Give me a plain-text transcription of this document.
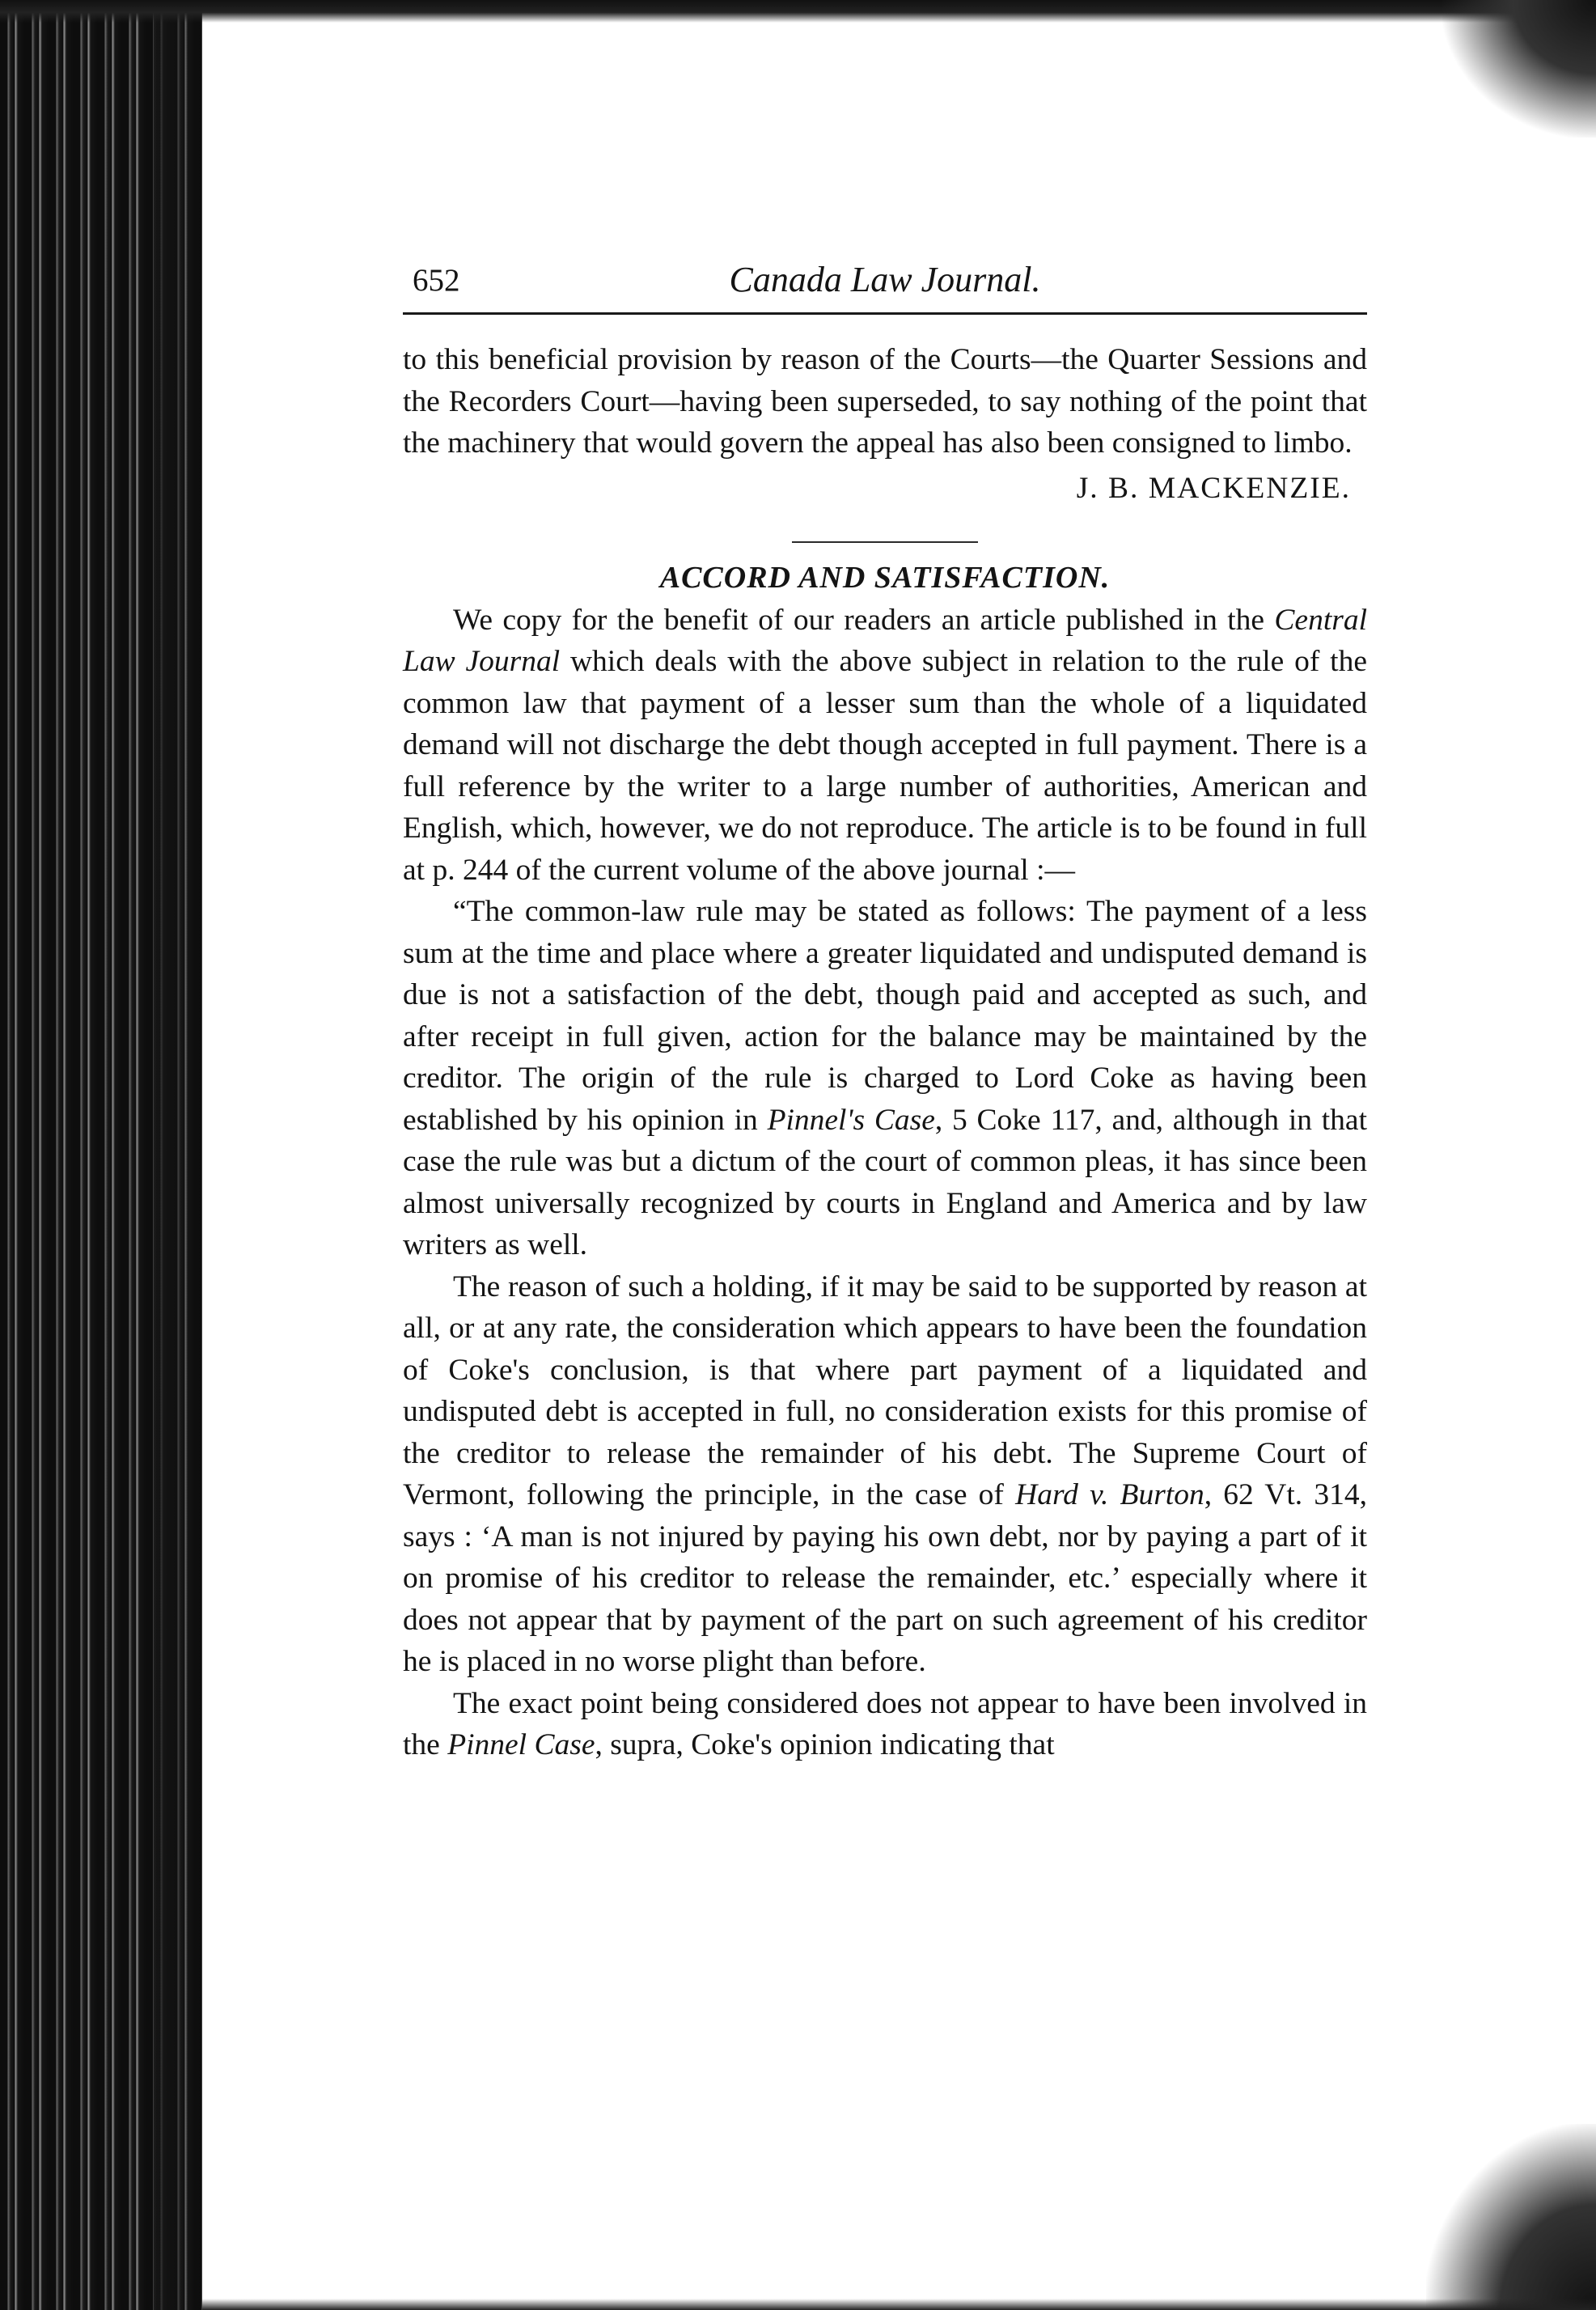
652	Canada Law Journal.

to this beneficial provision by reason of the Courts—the Quarter Sessions and the Recorders Court—having been superseded, to say nothing of the point that the machinery that would govern the appeal has also been consigned to limbo.

J. B. MACKENZIE.

ACCORD AND SATISFACTION.

We copy for the benefit of our readers an article published in the Central Law Journal which deals with the above subject in relation to the rule of the common law that payment of a lesser sum than the whole of a liquidated demand will not discharge the debt though accepted in full payment. There is a full reference by the writer to a large number of authorities, American and English, which, however, we do not reproduce. The article is to be found in full at p. 244 of the current volume of the above journal :—

“The common-law rule may be stated as follows: The payment of a less sum at the time and place where a greater liquidated and undisputed demand is due is not a satisfaction of the debt, though paid and accepted as such, and after receipt in full given, action for the balance may be maintained by the creditor. The origin of the rule is charged to Lord Coke as having been established by his opinion in Pinnel's Case, 5 Coke 117, and, although in that case the rule was but a dictum of the court of common pleas, it has since been almost universally recognized by courts in England and America and by law writers as well.

The reason of such a holding, if it may be said to be supported by reason at all, or at any rate, the consideration which appears to have been the foundation of Coke's conclusion, is that where part payment of a liquidated and undisputed debt is accepted in full, no consideration exists for this promise of the creditor to release the remainder of his debt. The Supreme Court of Vermont, following the principle, in the case of Hard v. Burton, 62 Vt. 314, says : ‘A man is not injured by paying his own debt, nor by paying a part of it on promise of his creditor to release the remainder, etc.’ especially where it does not appear that by payment of the part on such agreement of his creditor he is placed in no worse plight than before.

The exact point being considered does not appear to have been involved in the Pinnel Case, supra, Coke's opinion indicating that
